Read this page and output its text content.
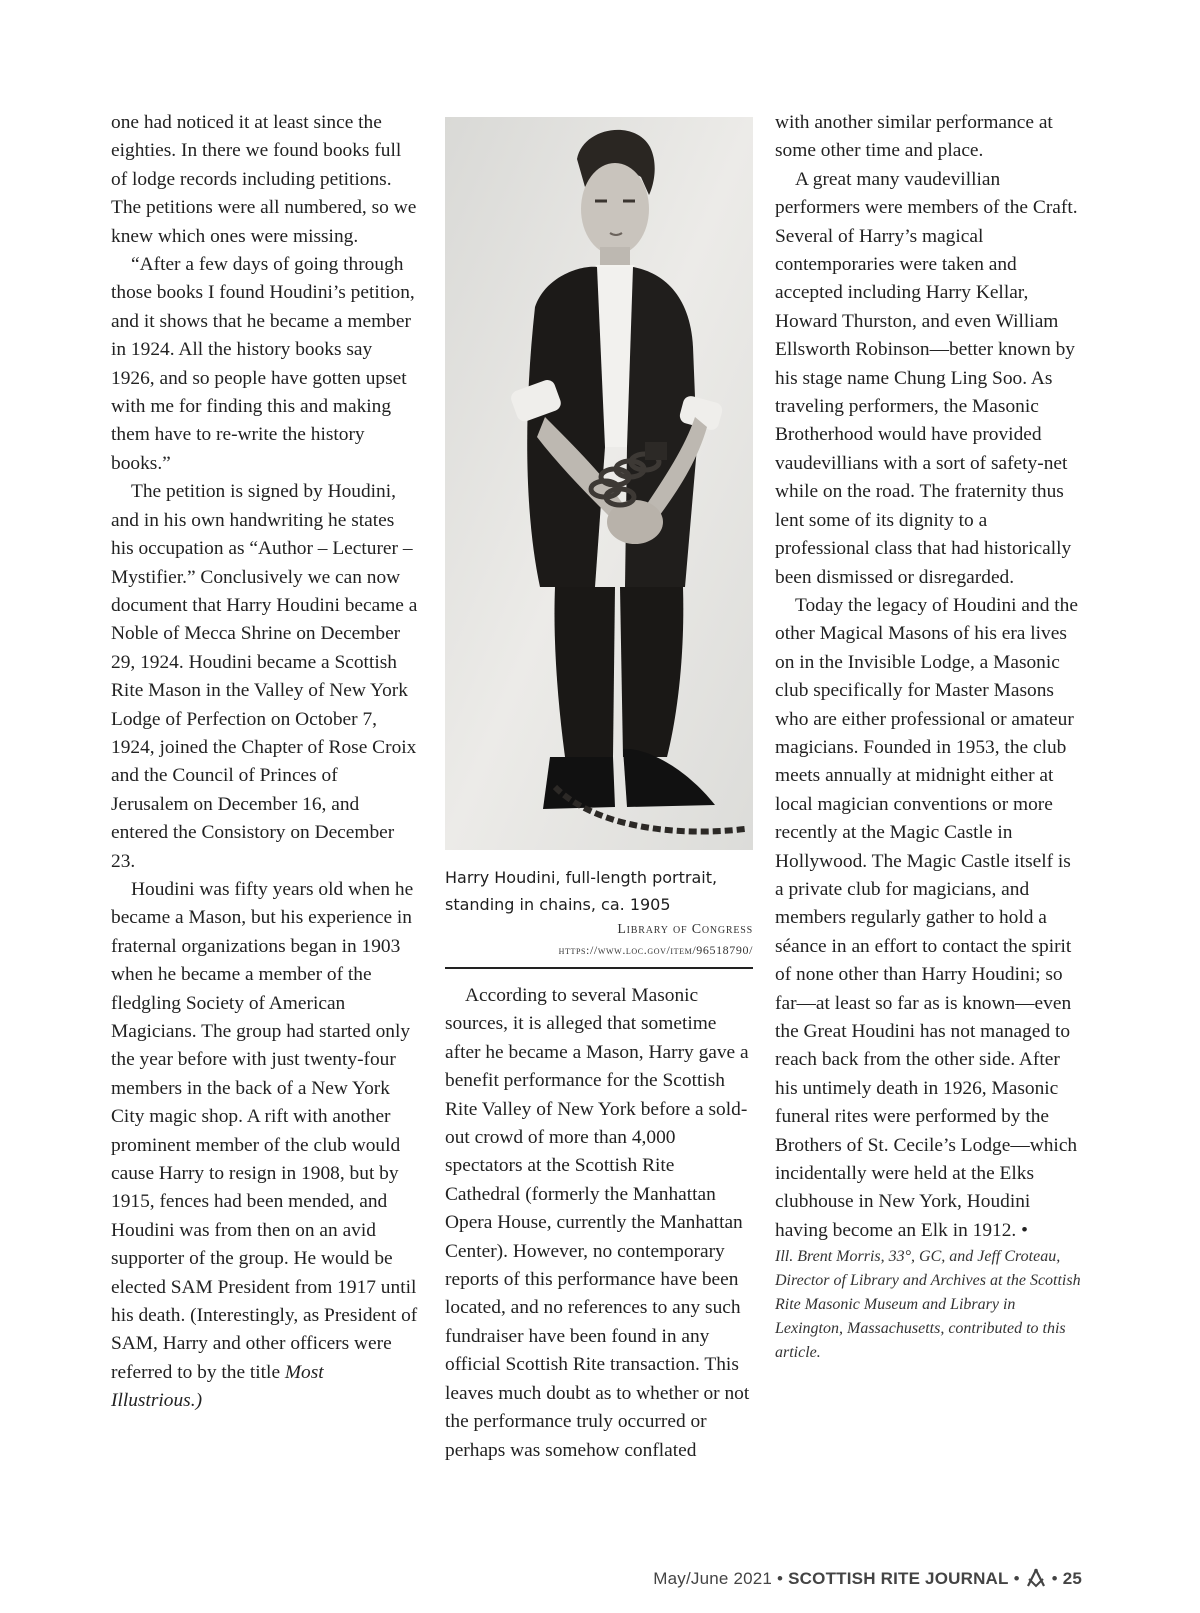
one had noticed it at least since the eighties. In there we found books full of lodge records including petitions. The petitions were all numbered, so we knew which ones were missing.

“After a few days of going through those books I found Houdini’s petition, and it shows that he became a member in 1924. All the history books say 1926, and so people have gotten upset with me for finding this and making them have to re-write the history books.”

The petition is signed by Houdini, and in his own handwriting he states his occupation as “Author – Lecturer – Mystifier.” Conclusively we can now document that Harry Houdini became a Noble of Mecca Shrine on December 29, 1924. Houdini became a Scottish Rite Mason in the Valley of New York Lodge of Perfection on October 7, 1924, joined the Chapter of Rose Croix and the Council of Princes of Jerusalem on December 16, and entered the Consistory on December 23.

Houdini was fifty years old when he became a Mason, but his experience in fraternal organizations began in 1903 when he became a member of the fledgling Society of American Magicians. The group had started only the year before with just twenty-four members in the back of a New York City magic shop. A rift with another prominent member of the club would cause Harry to resign in 1908, but by 1915, fences had been mended, and Houdini was from then on an avid supporter of the group. He would be elected SAM President from 1917 until his death. (Interestingly, as President of SAM, Harry and other officers were referred to by the title Most Illustrious.)

Harry Houdini, full-length portrait, standing in chains, ca. 1905
Library of Congress
https://www.loc.gov/item/96518790/

According to several Masonic sources, it is alleged that sometime after he became a Mason, Harry gave a benefit performance for the Scottish Rite Valley of New York before a sold-out crowd of more than 4,000 spectators at the Scottish Rite Cathedral (formerly the Manhattan Opera House, currently the Manhattan Center). However, no contemporary reports of this performance have been located, and no references to any such fundraiser have been found in any official Scottish Rite transaction. This leaves much doubt as to whether or not the performance truly occurred or perhaps was somehow conflated

with another similar performance at some other time and place.

A great many vaudevillian performers were members of the Craft. Several of Harry’s magical contemporaries were taken and accepted including Harry Kellar, Howard Thurston, and even William Ellsworth Robinson—better known by his stage name Chung Ling Soo. As traveling performers, the Masonic Brotherhood would have provided vaudevillians with a sort of safety-net while on the road. The fraternity thus lent some of its dignity to a professional class that had historically been dismissed or disregarded.

Today the legacy of Houdini and the other Magical Masons of his era lives on in the Invisible Lodge, a Masonic club specifically for Master Masons who are either professional or amateur magicians. Founded in 1953, the club meets annually at midnight either at local magician conventions or more recently at the Magic Castle in Hollywood. The Magic Castle itself is a private club for magicians, and members regularly gather to hold a séance in an effort to contact the spirit of none other than Harry Houdini; so far—at least so far as is known—even the Great Houdini has not managed to reach back from the other side. After his untimely death in 1926, Masonic funeral rites were performed by the Brothers of St. Cecile’s Lodge—which incidentally were held at the Elks clubhouse in New York, Houdini having become an Elk in 1912. •

Ill. Brent Morris, 33°, GC, and Jeff Croteau, Director of Library and Archives at the Scottish Rite Masonic Museum and Library in Lexington, Massachusetts, contributed to this article.

May/June 2021 • SCOTTISH RITE JOURNAL • • 25
